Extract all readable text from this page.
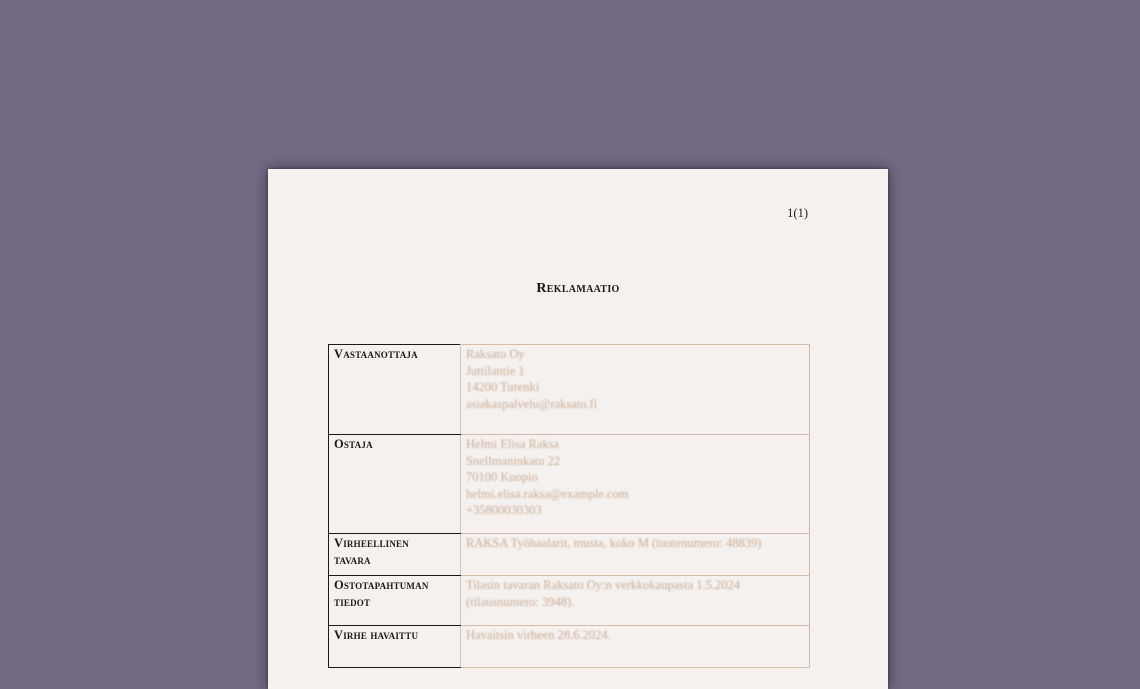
1(1)
Reklamaatio
Vastaanottaja	Raksato Oy
Juttilantie 1
14200 Turenki
asiakaspalvelu@raksato.fi

Ostaja	Helmi Elisa Raksa
Snellmaninkatu 22
70100 Kuopio
helmi.elisa.raksa@example.com
+35800030303

Virheellinen
tavara	RAKSA Työhaalarit, musta, koko M (tuotenumero: 48839)

Ostotapahtuman
tiedot	Tilasin tavaran Raksato Oy:n verkkokaupasta 1.5.2024
(tilausnumero: 3948).

Virhe havaittu	Havaitsin virheen 28.6.2024.
